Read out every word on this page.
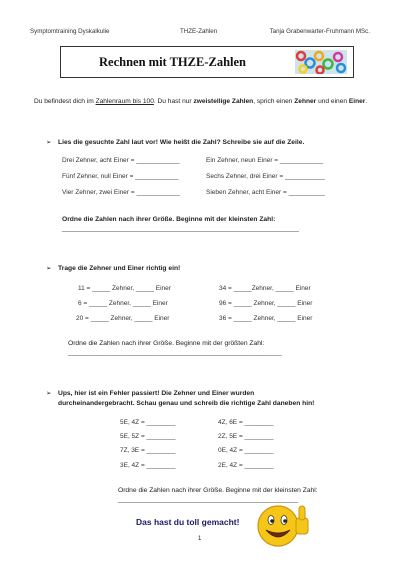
Symptomtraining Dyskalkulie	THZE-Zahlen	Tanja Grabenwarter-Fruhmann MSc.
Rechnen mit THZE-Zahlen
Du befindest dich im Zahlenraum bis 100. Du hast nur zweistellige Zahlen, sprich einen Zehner und einen Einer.
➢ Lies die gesuchte Zahl laut vor! Wie heißt die Zahl? Schreibe sie auf die Zeile.
Drei Zehner, acht Einer = ____________
Fünf Zehner, null Einer = ____________
Vier Zehner, zwei Einer = ____________
Ein Zehner, neun Einer = ____________
Sechs Zehner, drei Einer = ___________
Sieben Zehner, acht Einer = __________
Ordne die Zahlen nach ihrer Größe. Beginne mit der kleinsten Zahl:
_______________________________________________________________________
➢ Trage die Zehner und Einer richtig ein!
11 = _____ Zehner, _____ Einer
6 = _____ Zehner, _____ Einer
20 = _____ Zehner, _____ Einer
34 = _____Zehner, _____ Einer
96 = _____ Zehner, _____ Einer
36 = _____ Zehner, _____ Einer
Ordne die Zahlen nach ihrer Größe. Beginne mit der größten Zahl:
________________________________________________________________
➢ Ups, hier ist ein Fehler passiert! Die Zehner und Einer wurden
durcheinandergebracht. Schau genau und schreib die richtige Zahl daneben hin!
5E, 4Z = ________
5E, 5Z = ________
7Z, 3E = ________
3E, 4Z = ________
4Z, 6E = ________
2Z, 5E = ________
0E, 4Z = ________
2E, 4Z = ________
Ordne die Zahlen nach ihrer Größe. Beginne mit der kleinsten Zahl:
______________________________________________________
Das hast du toll gemacht!
1
